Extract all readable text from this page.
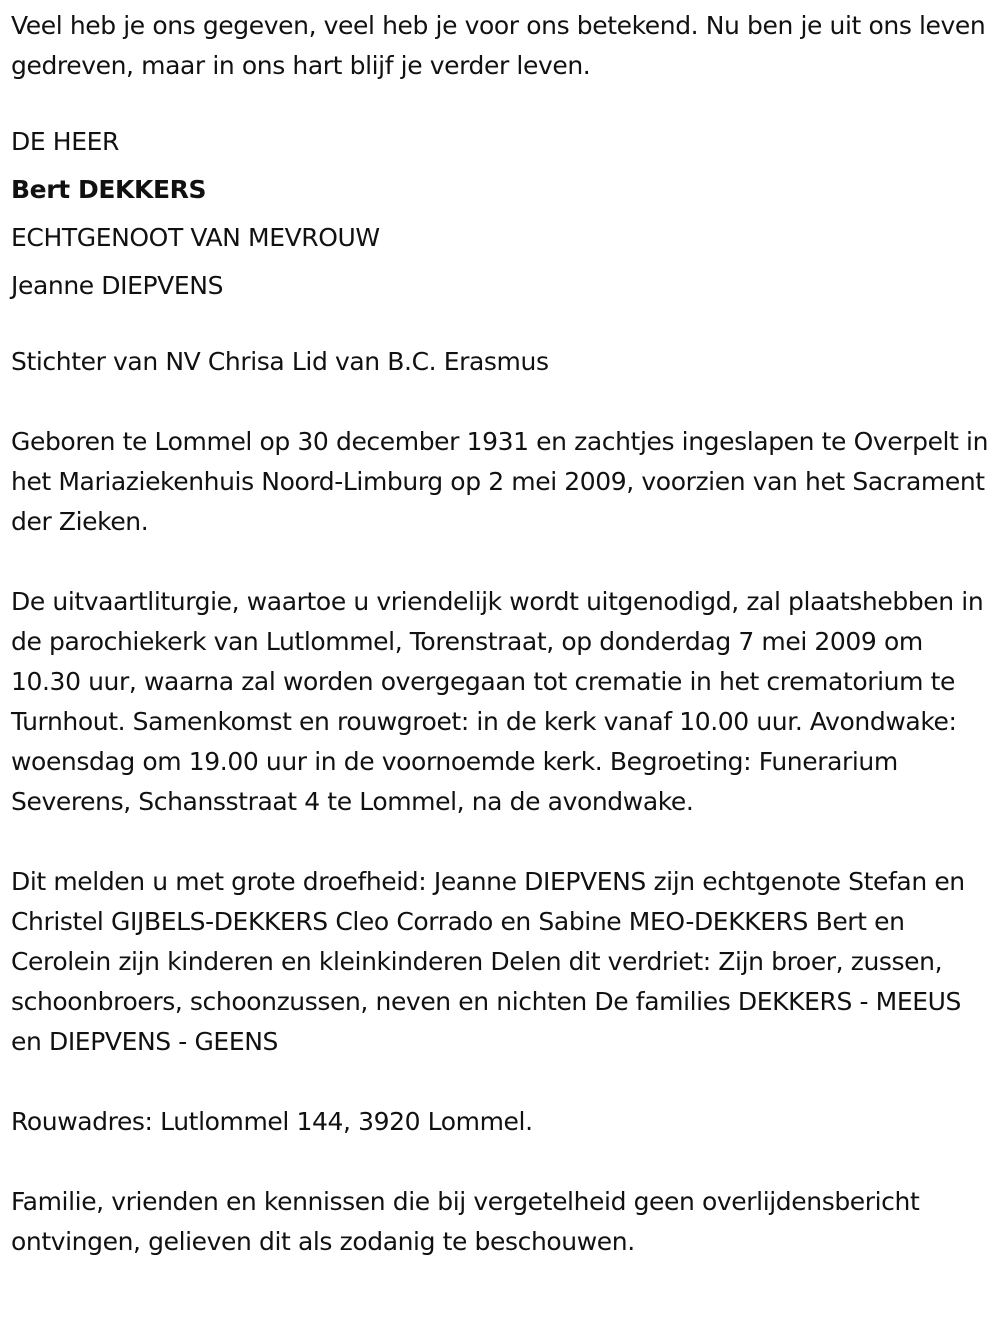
Veel heb je ons gegeven, veel heb je voor ons betekend. Nu ben je uit ons leven gedreven, maar in ons hart blijf je verder leven.

DE HEER

Bert DEKKERS

ECHTGENOOT VAN MEVROUW

Jeanne DIEPVENS

Stichter van NV Chrisa Lid van B.C. Erasmus

Geboren te Lommel op 30 december 1931 en zachtjes ingeslapen te Overpelt in het Mariaziekenhuis Noord-Limburg op 2 mei 2009, voorzien van het Sacrament der Zieken.

De uitvaartliturgie, waartoe u vriendelijk wordt uitgenodigd, zal plaatshebben in de parochiekerk van Lutlommel, Torenstraat, op donderdag 7 mei 2009 om 10.30 uur, waarna zal worden overgegaan tot crematie in het crematorium te Turnhout. Samenkomst en rouwgroet: in de kerk vanaf 10.00 uur. Avondwake: woensdag om 19.00 uur in de voornoemde kerk. Begroeting: Funerarium Severens, Schansstraat 4 te Lommel, na de avondwake.

Dit melden u met grote droefheid: Jeanne DIEPVENS zijn echtgenote Stefan en Christel GIJBELS-DEKKERS Cleo Corrado en Sabine MEO-DEKKERS Bert en Cerolein zijn kinderen en kleinkinderen Delen dit verdriet: Zijn broer, zussen, schoonbroers, schoonzussen, neven en nichten De families DEKKERS - MEEUS en DIEPVENS - GEENS

Rouwadres: Lutlommel 144, 3920 Lommel.

Familie, vrienden en kennissen die bij vergetelheid geen overlijdensbericht ontvingen, gelieven dit als zodanig te beschouwen.
